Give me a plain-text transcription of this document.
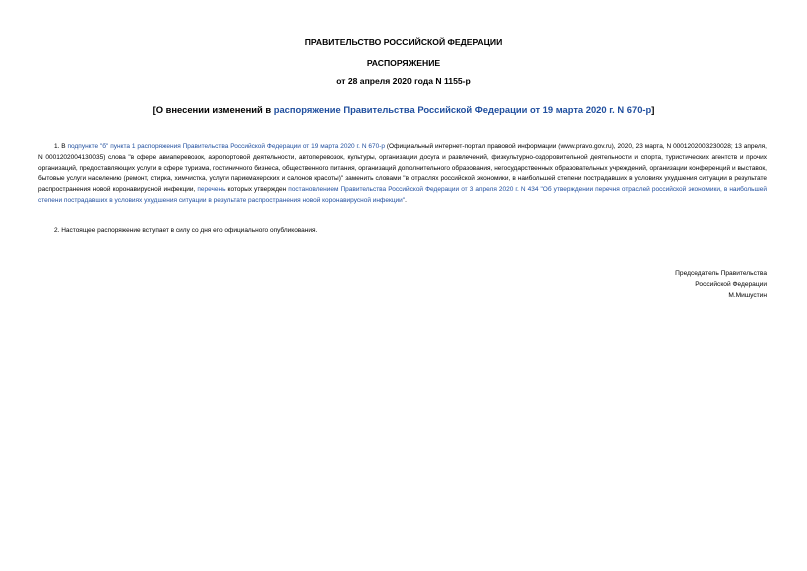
ПРАВИТЕЛЬСТВО РОССИЙСКОЙ ФЕДЕРАЦИИ
РАСПОРЯЖЕНИЕ
от 28 апреля 2020 года N 1155-р
[О внесении изменений в распоряжение Правительства Российской Федерации от 19 марта 2020 г. N 670-р]
1. В подпункте "б" пункта 1 распоряжения Правительства Российской Федерации от 19 марта 2020 г. N 670-р (Официальный интернет-портал правовой информации (www.pravo.gov.ru), 2020, 23 марта, N 0001202003230028; 13 апреля, N 0001202004130035) слова "в сфере авиаперевозок, аэропортовой деятельности, автоперевозок, культуры, организации досуга и развлечений, физкультурно-оздоровительной деятельности и спорта, туристических агентств и прочих организаций, предоставляющих услуги в сфере туризма, гостиничного бизнеса, общественного питания, организаций дополнительного образования, негосударственных образовательных учреждений, организации конференций и выставок, бытовые услуги населению (ремонт, стирка, химчистка, услуги парикмахерских и салонов красоты)" заменить словами "в отраслях российской экономики, в наибольшей степени пострадавших в условиях ухудшения ситуации в результате распространения новой коронавирусной инфекции, перечень которых утвержден постановлением Правительства Российской Федерации от 3 апреля 2020 г. N 434 "Об утверждении перечня отраслей российской экономики, в наибольшей степени пострадавших в условиях ухудшения ситуации в результате распространения новой коронавирусной инфекции".
2. Настоящее распоряжение вступает в силу со дня его официального опубликования.
Председатель Правительства
Российской Федерации
М.Мишустин
